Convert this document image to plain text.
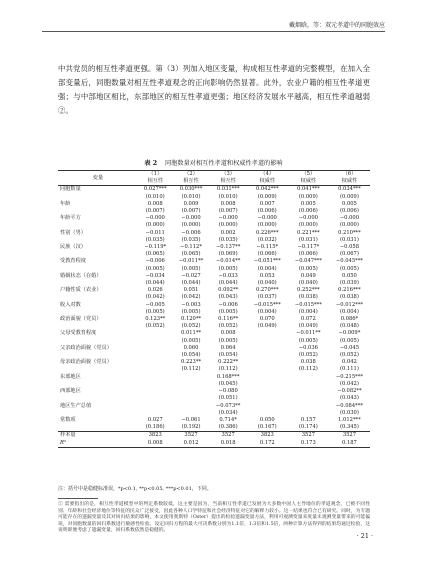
戴烟晗，等：双元孝道中的同胞效应

中共党员的相互性孝道更强。第（3）列加入地区变量，构成相互性孝道的完整模型，在加入全部变量后，同胞数量对相互性孝道观念的正向影响仍然显著。此外，农业户籍的相互性孝道更强；与中部地区相比，东部地区的相互性孝道更强；地区经济发展水平越高，相互性孝道越弱②。

表 2 同胞数量对相互性孝道和权威性孝道的影响
变量	（1）	（2）	（3）	（4）	（5）	（6）
	相互性	相互性	相互性	权威性	权威性	权威性
同胞数量	0.027***	0.030***	0.031***	0.042***	0.041***	0.034***
	(0.010)	(0.010)	(0.010)	(0.009)	(0.009)	(0.009)
年龄	0.008	0.009	0.008	0.007	0.005	0.005
	(0.007)	(0.007)	(0.007)	(0.006)	(0.006)	(0.006)
年龄平方	−0.000	−0.000	−0.000	−0.000	−0.000	−0.000
	(0.000)	(0.000)	(0.000)	(0.000)	(0.000)	(0.000)
性别（男）	−0.011	−0.006	0.002	0.226***	0.221***	0.210***
	(0.035)	(0.035)	(0.035)	(0.032)	(0.031)	(0.031)
民族（汉）	−0.119*	−0.112*	−0.137**	−0.115*	−0.117*	−0.058
	(0.065)	(0.065)	(0.069)	(0.066)	(0.066)	(0.067)
受教育程度	−0.006	−0.011**	−0.014**	−0.051***	−0.047***	−0.045***
	(0.005)	(0.005)	(0.005)	(0.004)	(0.005)	(0.005)
婚姻状态（在婚）	−0.034	−0.027	−0.033	0.053	0.049	0.050
	(0.044)	(0.044)	(0.044)	(0.040)	(0.040)	(0.039)
户籍性质（农业）	0.026	0.051	0.092**	0.270***	0.252***	0.216***
	(0.042)	(0.042)	(0.043)	(0.037)	(0.038)	(0.038)
收入对数	−0.005	−0.003	−0.006	−0.015***	−0.015***	−0.012***
	(0.005)	(0.005)	(0.005)	(0.004)	(0.004)	(0.004)
政治面貌（党员）	0.123**	0.120**	0.116**	0.070	0.072	0.086*
	(0.052)	(0.052)	(0.052)	(0.049)	(0.049)	(0.048)
父母受教育程度		0.011**	0.008		−0.011**	−0.009*
		(0.005)	(0.005)		(0.005)	(0.005)
父亲政治面貌（党员）		0.060	0.064		−0.036	−0.045
		(0.054)	(0.054)		(0.052)	(0.052)
母亲政治面貌（党员）		0.223**	0.222**		0.038	0.042
		(0.112)	(0.112)		(0.112)	(0.111)
东部地区			0.168***			−0.215***
			(0.045)			(0.042)
西部地区			−0.080			−0.082**
			(0.051)			(0.043)
地区生产总值			−0.073**			−0.084***
			(0.034)			(0.030)
常数项	0.027	−0.061	0.714*	0.050	0.157	1.012***
	(0.186)	(0.192)	(0.386)	(0.167)	(0.174)	(0.345)
样本量	3823	3527	3527	3823	3527	3527
R²	0.008	0.012	0.018	0.172	0.173	0.187
注：括号中是稳健标准误，*p<0.1, **p<0.05, ***p<0.01，下同。

② 需要指出的是，相互性孝道模型中的判定系数较低，这主要是因为，当前相互性孝道已发展为大多数中国人主导地位的孝道观念，已被不同性别、年龄和社会经济地位等特征的民众广泛接受，因此各种人口学特征和社会经济特征对它的解释力较小。这一结果也符合已有研究。同时，为专题可能存在的遗漏变量及其对回归结果的影响，本文使用奥斯特（Oster）提出的检验遗漏变量方法，利用可观测变量来度量未观测变量带来的可能偏误，对同胞数量的回归系数进行敏感性检验。设定回归方程的最大可决系数分别为1.1倍、1.3倍和1.5倍，两种计算方法得到的结果均通过检验，这说明即便考虑了遗漏变量，回归系数依然是稳健的。

· 21 ·
